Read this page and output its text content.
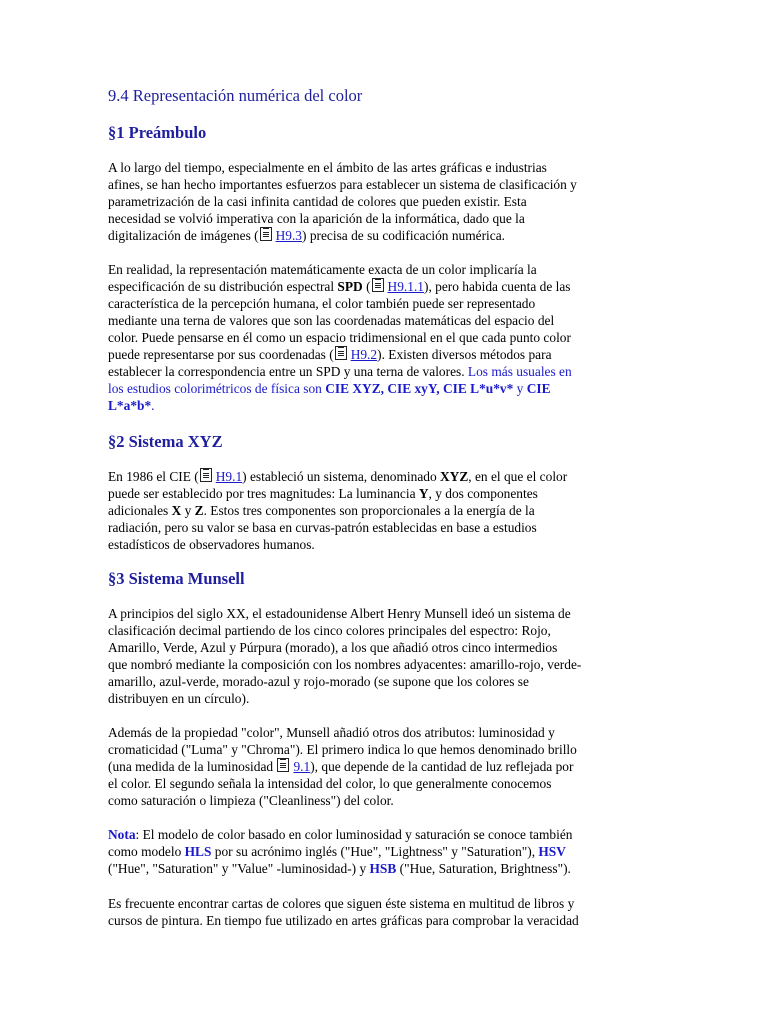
9.4 Representación numérica del color
§1 Preámbulo

A lo largo del tiempo, especialmente en el ámbito de las artes gráficas e industrias
afines, se han hecho importantes esfuerzos para establecer un sistema de clasificación y
parametrización de la casi infinita cantidad de colores que pueden existir. Esta
necesidad se volvió imperativa con la aparición de la informática, dado que la
digitalización de imágenes ( H9.3) precisa de su codificación numérica.

En realidad, la representación matemáticamente exacta de un color implicaría la
especificación de su distribución espectral SPD ( H9.1.1), pero habida cuenta de las
característica de la percepción humana, el color también puede ser representado
mediante una terna de valores que son las coordenadas matemáticas del espacio del
color. Puede pensarse en él como un espacio tridimensional en el que cada punto color
puede representarse por sus coordenadas ( H9.2). Existen diversos métodos para
establecer la correspondencia entre un SPD y una terna de valores. Los más usuales en
los estudios colorimétricos de física son CIE XYZ, CIE xyY, CIE L*u*v* y CIE
L*a*b*.

§2 Sistema XYZ

En 1986 el CIE ( H9.1) estableció un sistema, denominado XYZ, en el que el color
puede ser establecido por tres magnitudes: La luminancia Y, y dos componentes
adicionales X y Z. Estos tres componentes son proporcionales a la energía de la
radiación, pero su valor se basa en curvas-patrón establecidas en base a estudios
estadísticos de observadores humanos.

§3 Sistema Munsell

A principios del siglo XX, el estadounidense Albert Henry Munsell ideó un sistema de
clasificación decimal partiendo de los cinco colores principales del espectro: Rojo,
Amarillo, Verde, Azul y Púrpura (morado), a los que añadió otros cinco intermedios
que nombró mediante la composición con los nombres adyacentes: amarillo-rojo, verde-
amarillo, azul-verde, morado-azul y rojo-morado (se supone que los colores se
distribuyen en un círculo).

Además de la propiedad "color", Munsell añadió otros dos atributos: luminosidad y
cromaticidad ("Luma" y "Chroma"). El primero indica lo que hemos denominado brillo
(una medida de la luminosidad 9.1), que depende de la cantidad de luz reflejada por
el color. El segundo señala la intensidad del color, lo que generalmente conocemos
como saturación o limpieza ("Cleanliness") del color.

Nota: El modelo de color basado en color luminosidad y saturación se conoce también
como modelo HLS por su acrónimo inglés ("Hue", "Lightness" y "Saturation"), HSV
("Hue", "Saturation" y "Value" -luminosidad-) y HSB ("Hue, Saturation, Brightness").

Es frecuente encontrar cartas de colores que siguen éste sistema en multitud de libros y
cursos de pintura. En tiempo fue utilizado en artes gráficas para comprobar la veracidad
